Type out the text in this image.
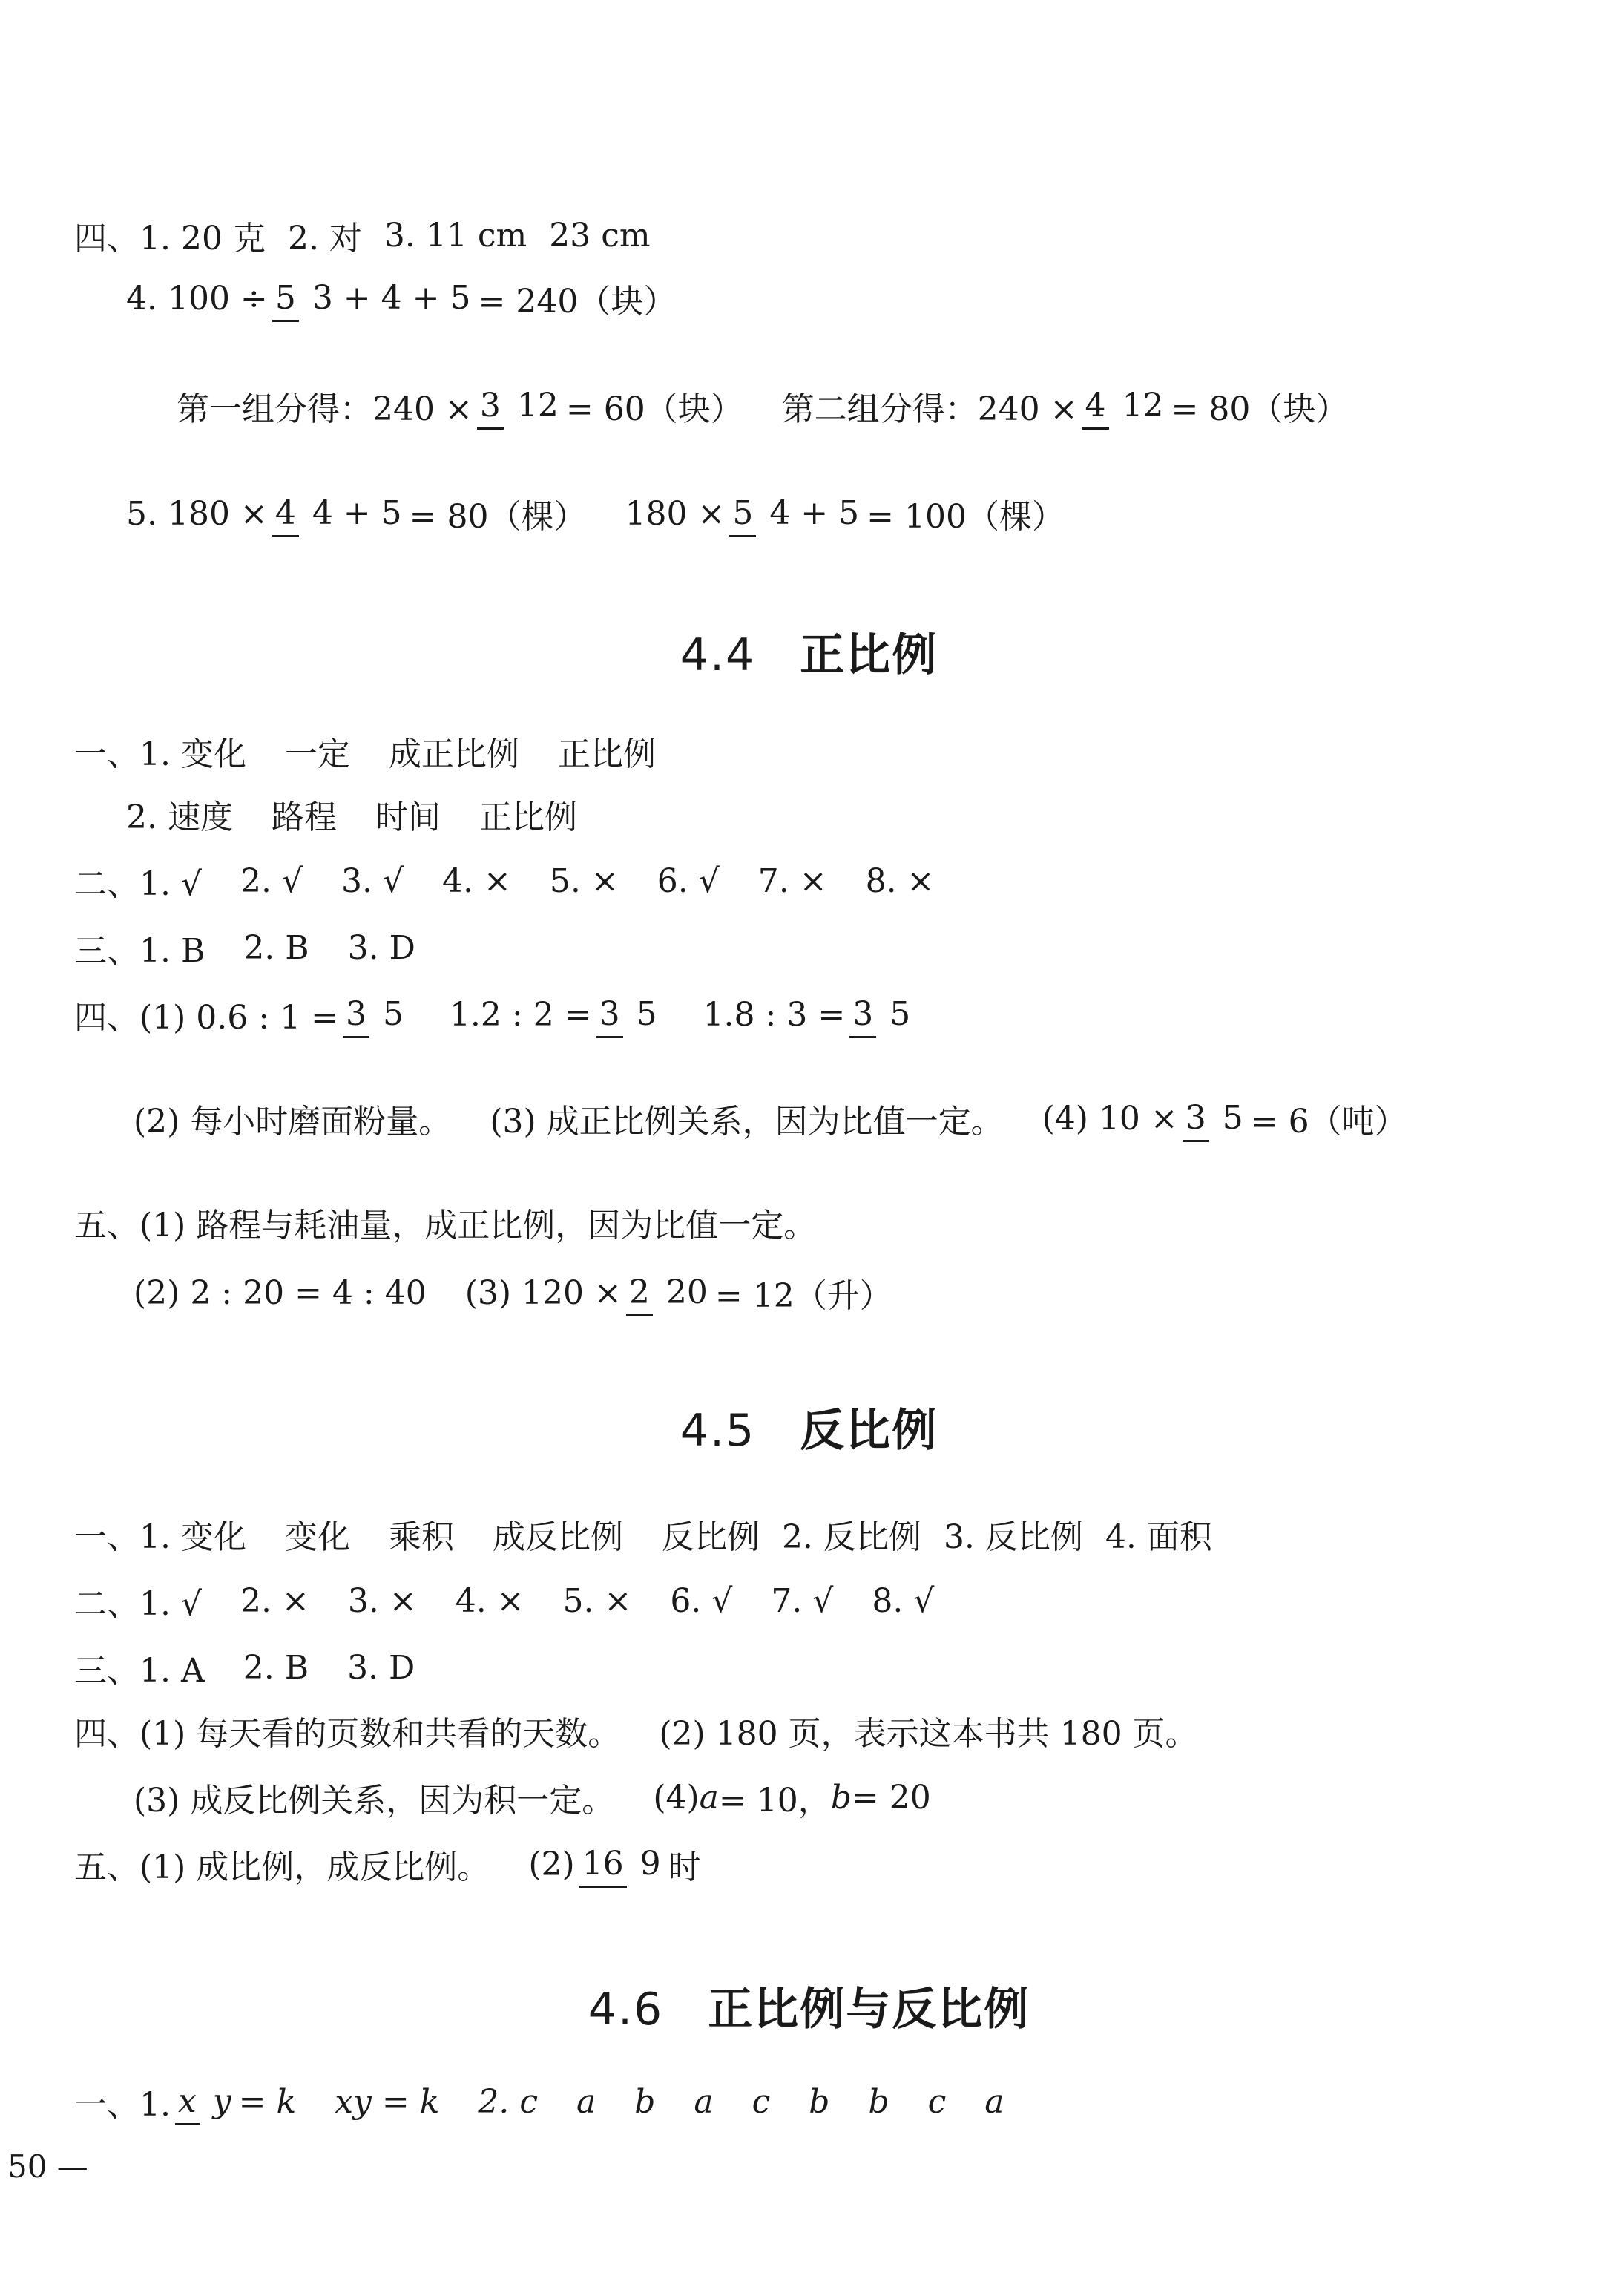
四、1. 20 克 2. 对 3. 11 cm 23 cm
4. 100 ÷ 5 3 + 4 + 5 = 240（块）
第一组分得：240 × 3 12 = 60（块） 第二组分得：240 × 4 12 = 80（块）
5. 180 × 4 4 + 5 = 80（棵） 180 × 5 4 + 5 = 100（棵）
4.4 正比例
一、1. 变化 一定 成正比例 正比例
2. 速度 路程 时间 正比例
二、1. √ 2. √ 3. √ 4. × 5. × 6. √ 7. × 8. ×
三、1. B 2. B 3. D
四、(1) 0.6 : 1 = 3 5 1.2 : 2 = 3 5 1.8 : 3 = 3 5
(2) 每小时磨面粉量。 (3) 成正比例关系，因为比值一定。 (4) 10 × 3 5 = 6（吨）
五、(1) 路程与耗油量，成正比例，因为比值一定。
(2) 2 : 20 = 4 : 40 (3) 120 × 2 20 = 12（升）
4.5 反比例
一、1. 变化 变化 乘积 成反比例 反比例 2. 反比例 3. 反比例 4. 面积
二、1. √ 2. × 3. × 4. × 5. × 6. √ 7. √ 8. √
三、1. A 2. B 3. D
四、(1) 每天看的页数和共看的天数。 (2) 180 页，表示这本书共 180 页。
(3) 成反比例关系，因为积一定。 (4) a = 10， b = 20
五、(1) 成比例，成反比例。 (2) 16 9 时
4.6 正比例与反比例
一、1. x y = k xy = k 2. c a b a c b b c a
50 —
